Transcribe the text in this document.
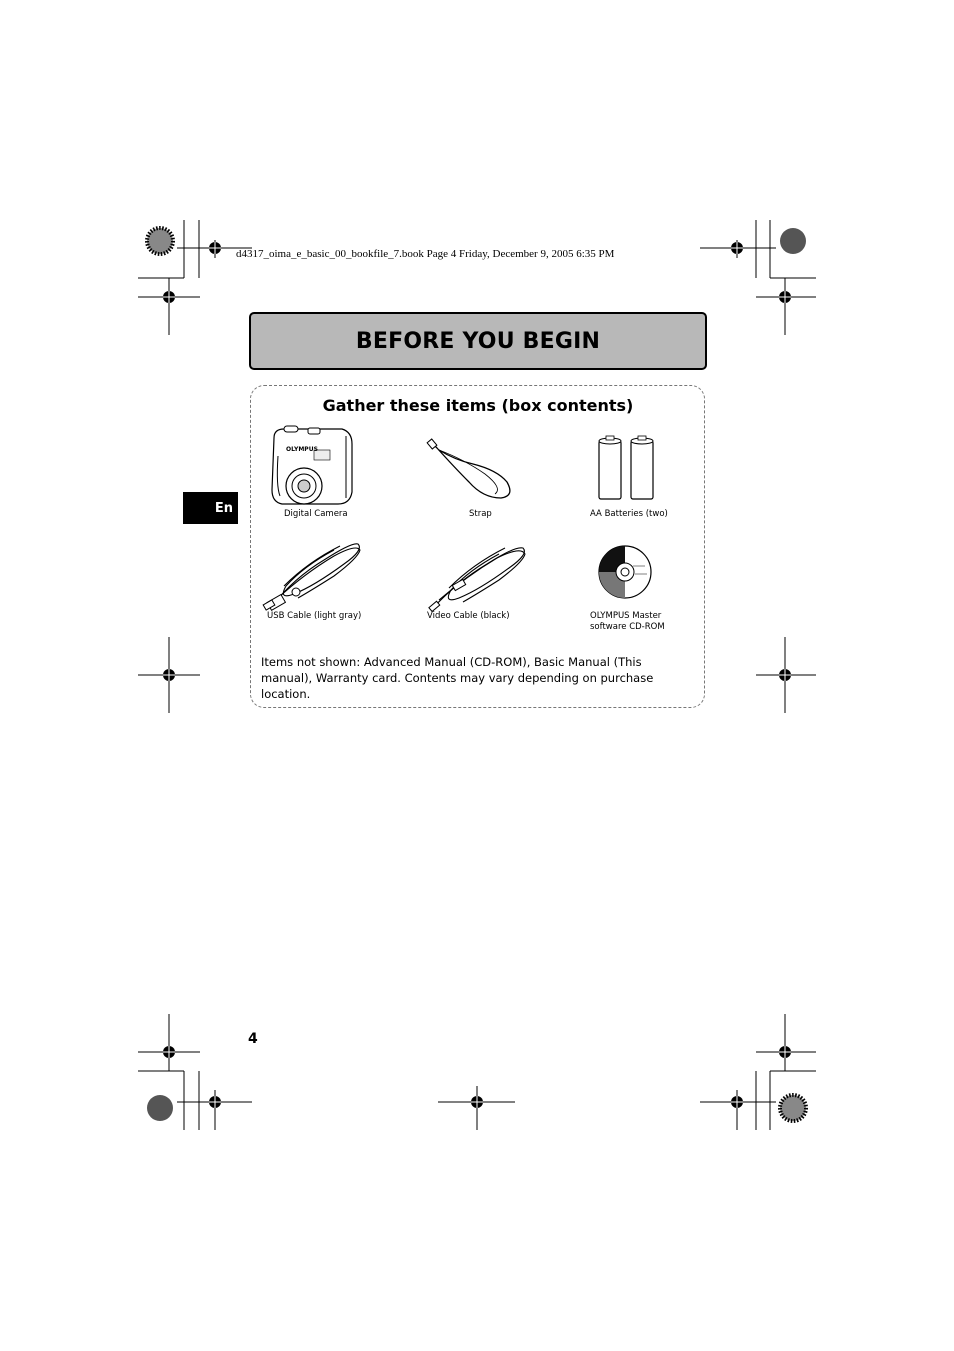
d4317_oima_e_basic_00_bookfile_7.book Page 4 Friday, December 9, 2005 6:35 PM
BEFORE YOU BEGIN
En
Gather these items (box contents)
OLYMPUS
Digital Camera	Strap	AA Batteries (two)
USB Cable (light gray)	Video Cable (black)	OLYMPUS Master
software CD-ROM
Items not shown: Advanced Manual (CD-ROM), Basic Manual (This manual), Warranty card. Contents may vary depending on purchase location.
4
